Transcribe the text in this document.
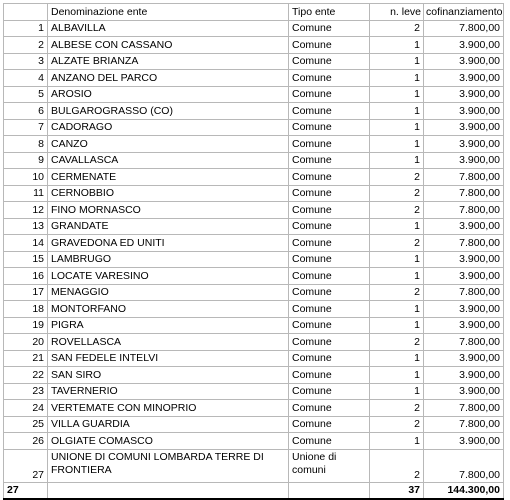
	Denominazione ente	Tipo ente	n. leve	cofinanziamento
1	ALBAVILLA	Comune	2	7.800,00
2	ALBESE CON CASSANO	Comune	1	3.900,00
3	ALZATE BRIANZA	Comune	1	3.900,00
4	ANZANO DEL PARCO	Comune	1	3.900,00
5	AROSIO	Comune	1	3.900,00
6	BULGAROGRASSO (CO)	Comune	1	3.900,00
7	CADORAGO	Comune	1	3.900,00
8	CANZO	Comune	1	3.900,00
9	CAVALLASCA	Comune	1	3.900,00
10	CERMENATE	Comune	2	7.800,00
11	CERNOBBIO	Comune	2	7.800,00
12	FINO MORNASCO	Comune	2	7.800,00
13	GRANDATE	Comune	1	3.900,00
14	GRAVEDONA ED UNITI	Comune	2	7.800,00
15	LAMBRUGO	Comune	1	3.900,00
16	LOCATE VARESINO	Comune	1	3.900,00
17	MENAGGIO	Comune	2	7.800,00
18	MONTORFANO	Comune	1	3.900,00
19	PIGRA	Comune	1	3.900,00
20	ROVELLASCA	Comune	2	7.800,00
21	SAN FEDELE INTELVI	Comune	1	3.900,00
22	SAN SIRO	Comune	1	3.900,00
23	TAVERNERIO	Comune	1	3.900,00
24	VERTEMATE CON MINOPRIO	Comune	2	7.800,00
25	VILLA GUARDIA	Comune	2	7.800,00
26	OLGIATE COMASCO	Comune	1	3.900,00
27	UNIONE DI COMUNI LOMBARDA TERRE DI FRONTIERA	Unione di comuni	2	7.800,00
27			37	144.300,00
